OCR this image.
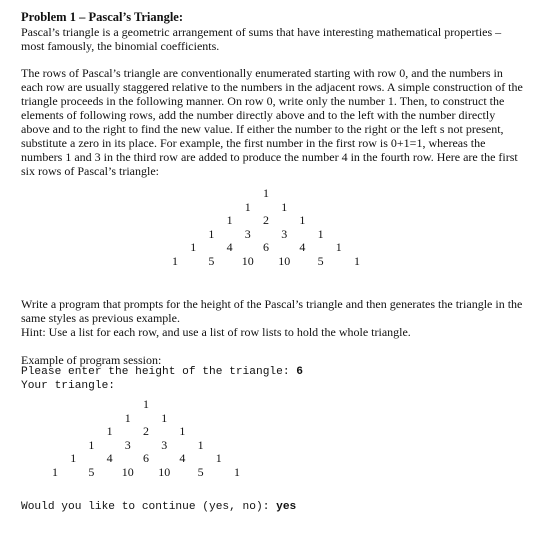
Problem 1 – Pascal’s Triangle:

Pascal’s triangle is a geometric arrangement of sums that have interesting mathematical properties – most famously, the binomial coefficients.

The rows of Pascal’s triangle are conventionally enumerated starting with row 0, and the numbers in each row are usually staggered relative to the numbers in the adjacent rows. A simple construction of the triangle proceeds in the following manner. On row 0, write only the number 1. Then, to construct the elements of following rows, add the number directly above and to the left with the number directly above and to the right to find the new value. If either the number to the right or the left s not present, substitute a zero in its place. For example, the first number in the first row is 0+1=1, whereas the numbers 1 and 3 in the third row are added to produce the number 4 in the fourth row. Here are the first six rows of Pascal’s triangle:

1
1	1
1	2	1
1	3	3	1
1	4	6	4	1
1	5	10	10	5	1

Write a program that prompts for the height of the Pascal’s triangle and then generates the triangle in the same styles as previous example.

Hint: Use a list for each row, and use a list of row lists to hold the whole triangle.

Example of program session:
Please enter the height of the triangle: 6
Your triangle:
1
1	1
1	2	1
1	3	3	1
1	4	6	4	1
1	5	10	10	5	1
Would you like to continue (yes, no): yes
